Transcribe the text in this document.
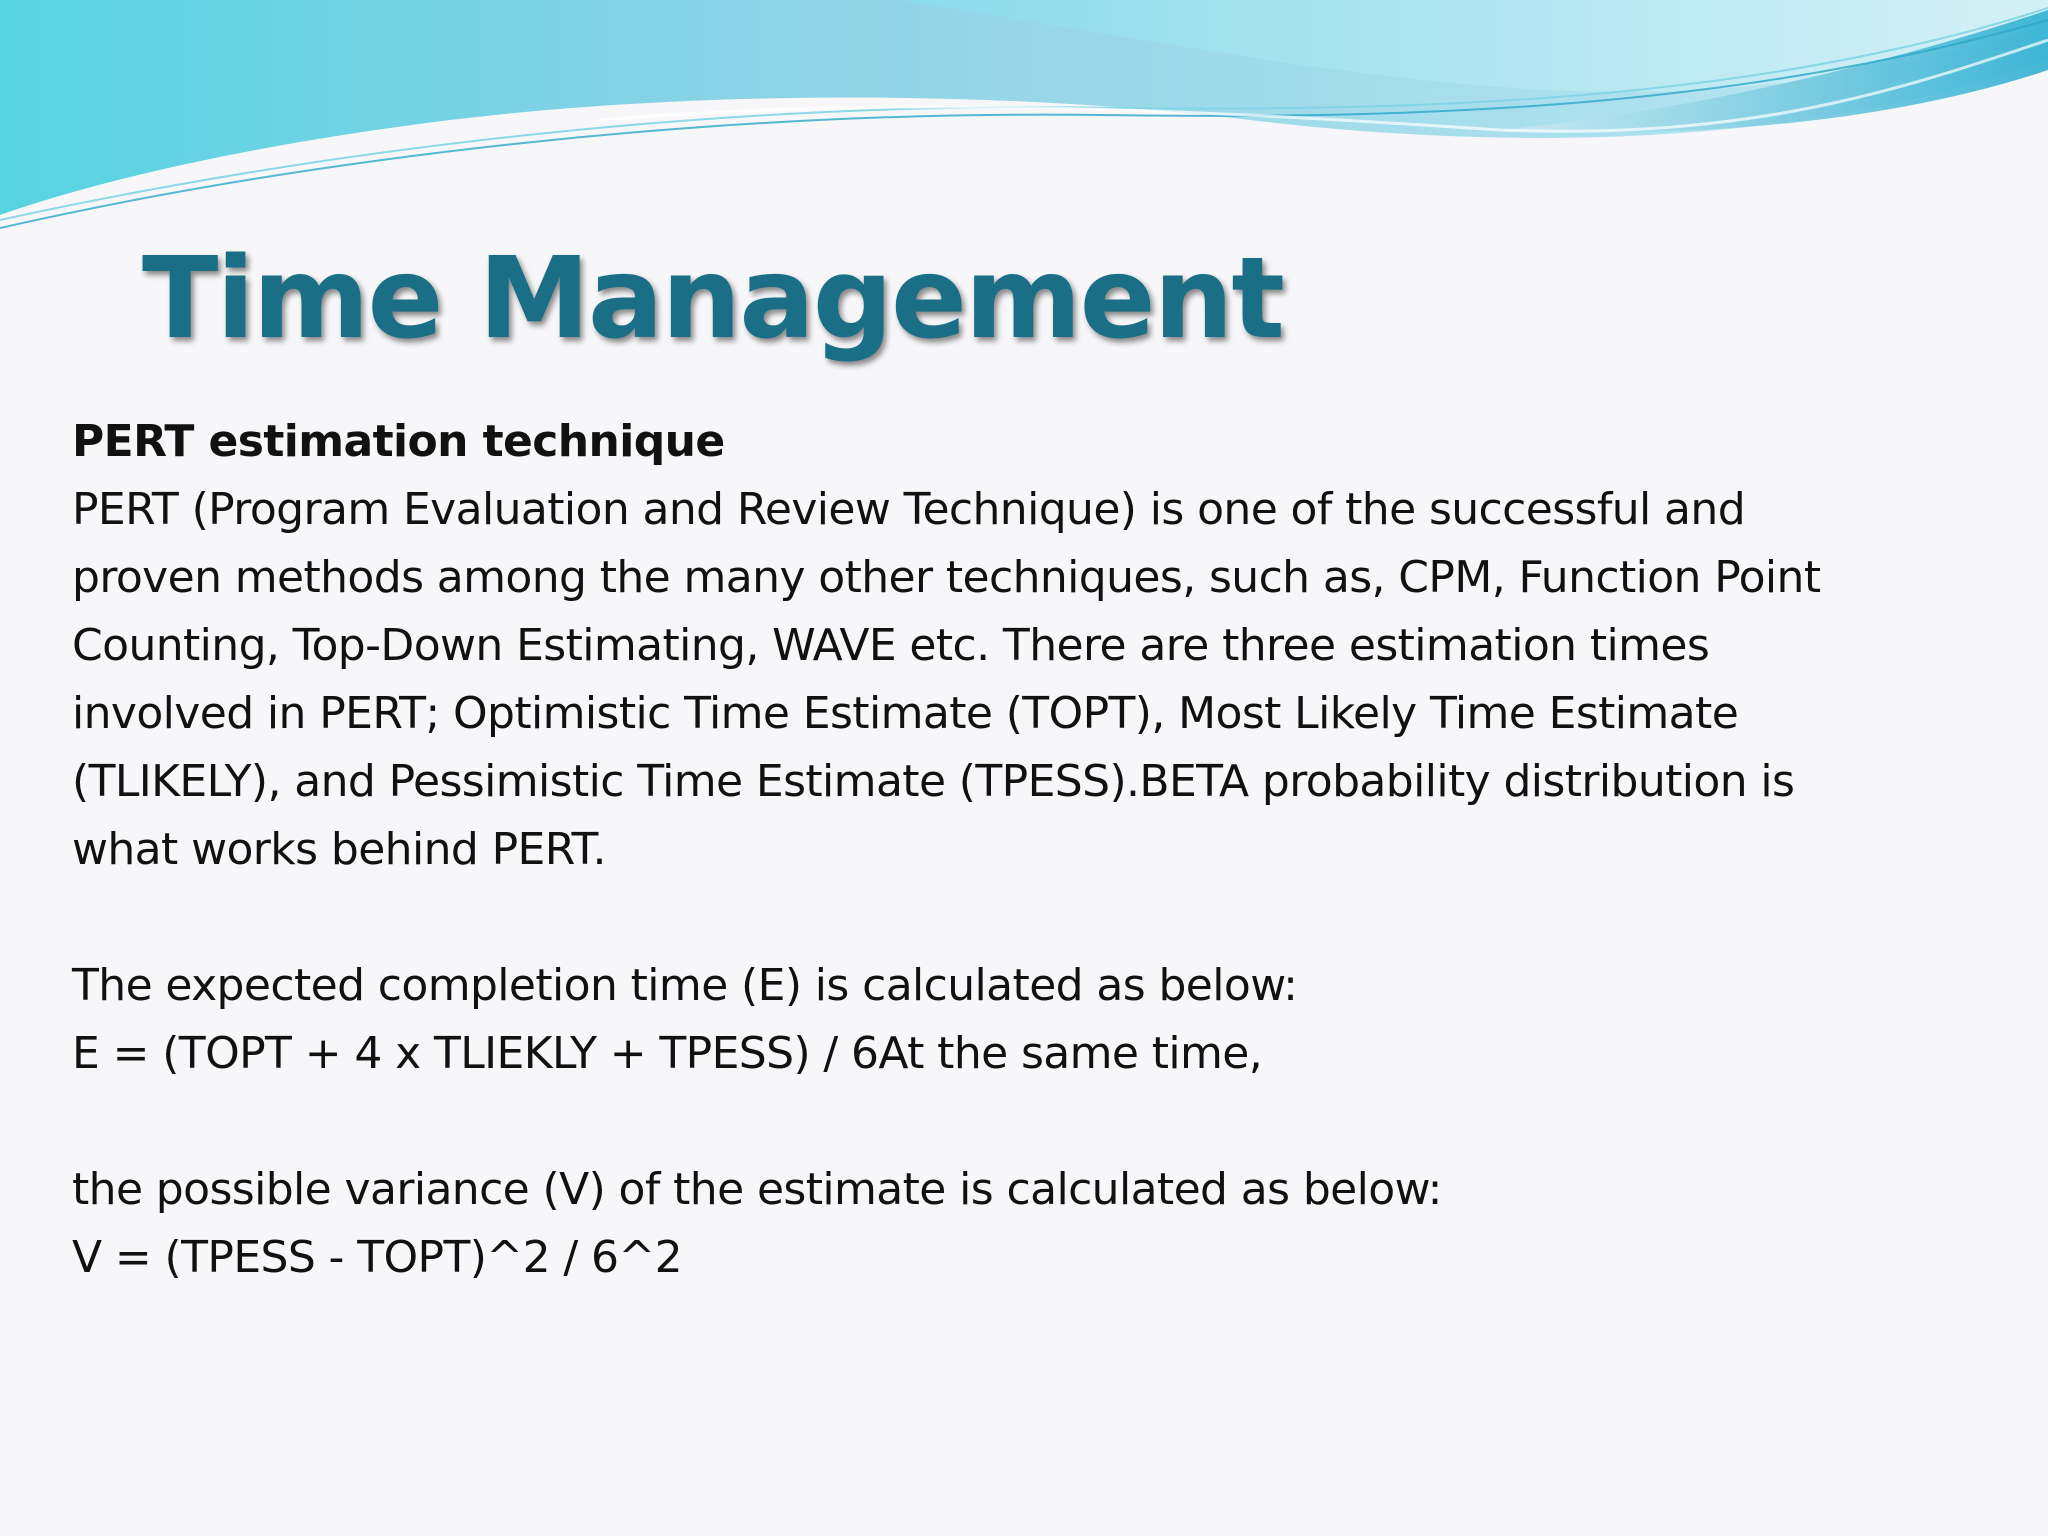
Time Management

PERT estimation technique

PERT (Program Evaluation and Review Technique) is one of the successful and

proven methods among the many other techniques, such as, CPM, Function Point

Counting, Top-Down Estimating, WAVE etc. There are three estimation times

involved in PERT; Optimistic Time Estimate (TOPT), Most Likely Time Estimate

(TLIKELY), and Pessimistic Time Estimate (TPESS).BETA probability distribution is

what works behind PERT.

The expected completion time (E) is calculated as below:

E = (TOPT + 4 x TLIEKLY + TPESS) / 6At the same time,

the possible variance (V) of the estimate is calculated as below:

V = (TPESS - TOPT)^2 / 6^2
